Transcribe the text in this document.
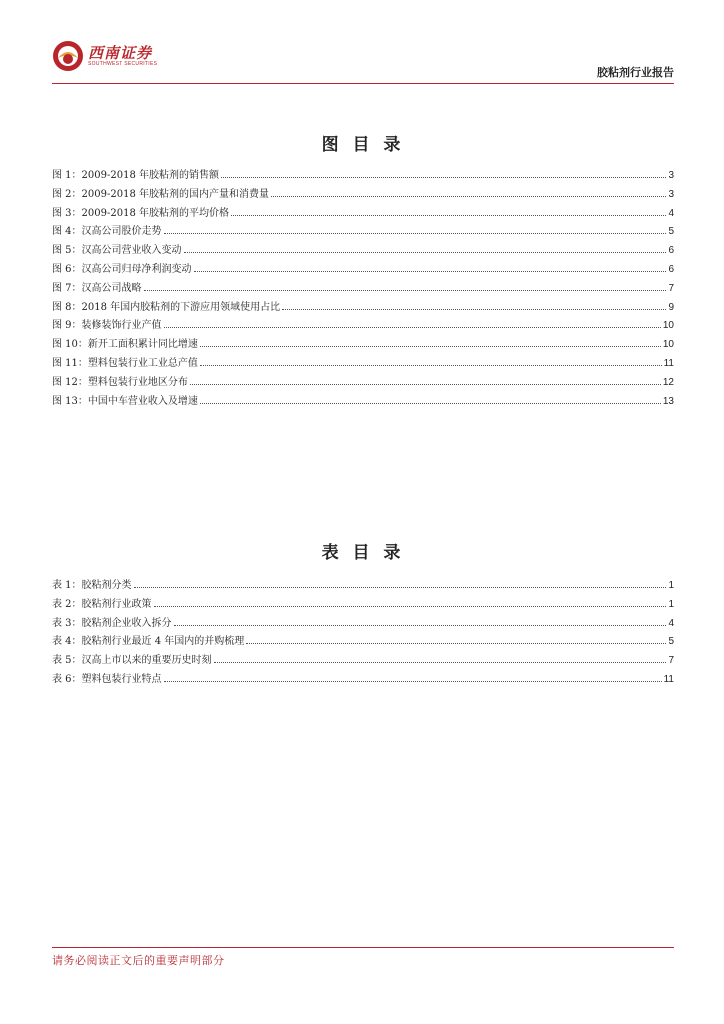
西南证券
SOUTHWEST SECURITIES
胶粘剂行业报告
图 目 录
图 1：2009-2018 年胶粘剂的销售额	3
图 2：2009-2018 年胶粘剂的国内产量和消费量	3
图 3：2009-2018 年胶粘剂的平均价格	4
图 4：汉高公司股价走势	5
图 5：汉高公司营业收入变动	6
图 6：汉高公司归母净利润变动	6
图 7：汉高公司战略	7
图 8：2018 年国内胶粘剂的下游应用领域使用占比	9
图 9：装修装饰行业产值	10
图 10：新开工面积累计同比增速	10
图 11：塑料包装行业工业总产值	11
图 12：塑料包装行业地区分布	12
图 13：中国中车营业收入及增速	13
表 目 录
表 1：胶粘剂分类	1
表 2：胶粘剂行业政策	1
表 3：胶粘剂企业收入拆分	4
表 4：胶粘剂行业最近 4 年国内的并购梳理	5
表 5：汉高上市以来的重要历史时刻	7
表 6：塑料包装行业特点	11
请务必阅读正文后的重要声明部分
